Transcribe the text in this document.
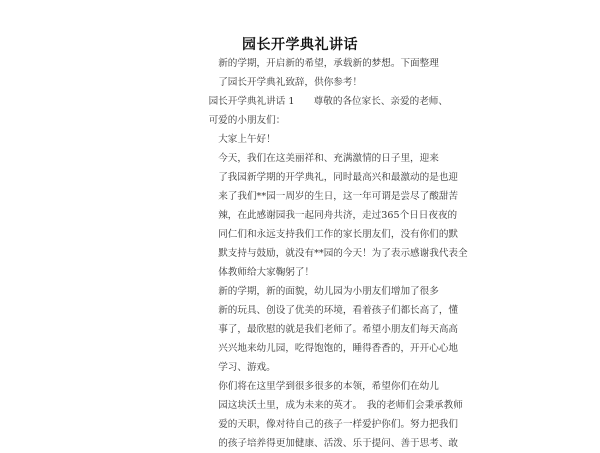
园长开学典礼讲话

新的学期，开启新的希望，承载新的梦想。下面整理
了园长开学典礼致辞，供你参考！

园长开学典礼讲话 1　　尊敬的各位家长、亲爱的老师、
可爱的小朋友们：

大家上午好！

今天，我们在这美丽祥和、充满激情的日子里，迎来
了我园新学期的开学典礼，同时最高兴和最激动的是也迎
来了我们**园一周岁的生日，这一年可谓是尝尽了酸甜苦
辣，在此感谢园我一起同舟共济，走过365个日日夜夜的
同仁们和永远支持我们工作的家长朋友们，没有你们的默
默支持与鼓励，就没有**园的今天！为了表示感谢我代表全
体教师给大家鞠躬了！

新的学期，新的面貌，幼儿园为小朋友们增加了很多
新的玩具、创设了优美的环境，看着孩子们都长高了，懂
事了，最欣慰的就是我们老师了。希望小朋友们每天高高
兴兴地来幼儿园，吃得饱饱的，睡得香香的，开开心心地
学习、游戏。

你们将在这里学到很多很多的本领，希望你们在幼儿
园这块沃土里，成为未来的英才。　我的老师们会秉承教师
爱的天职，像对待自己的孩子一样爱护你们。努力把我们
的孩子培养得更加健康、活泼、乐于提问、善于思考、敢
